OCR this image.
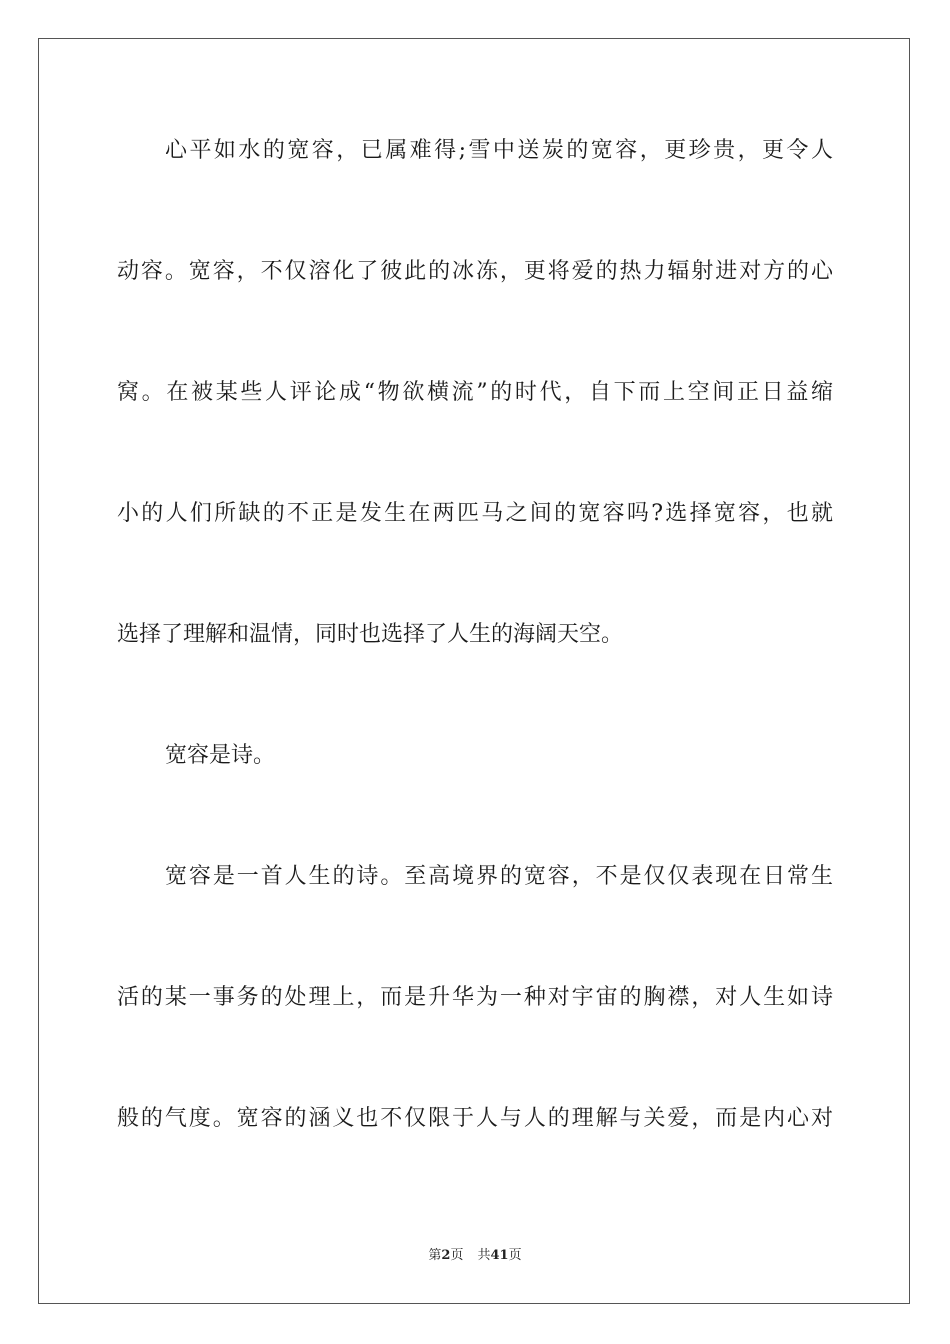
心平如水的宽容，已属难得;雪中送炭的宽容，更珍贵，更令人
动容。宽容，不仅溶化了彼此的冰冻，更将爱的热力辐射进对方的心
窝。在被某些人评论成“物欲横流”的时代，自下而上空间正日益缩
小的人们所缺的不正是发生在两匹马之间的宽容吗?选择宽容，也就
选择了理解和温情，同时也选择了人生的海阔天空。
宽容是诗。
宽容是一首人生的诗。至高境界的宽容，不是仅仅表现在日常生
活的某一事务的处理上，而是升华为一种对宇宙的胸襟，对人生如诗
般的气度。宽容的涵义也不仅限于人与人的理解与关爱，而是内心对
第2页 共41页
